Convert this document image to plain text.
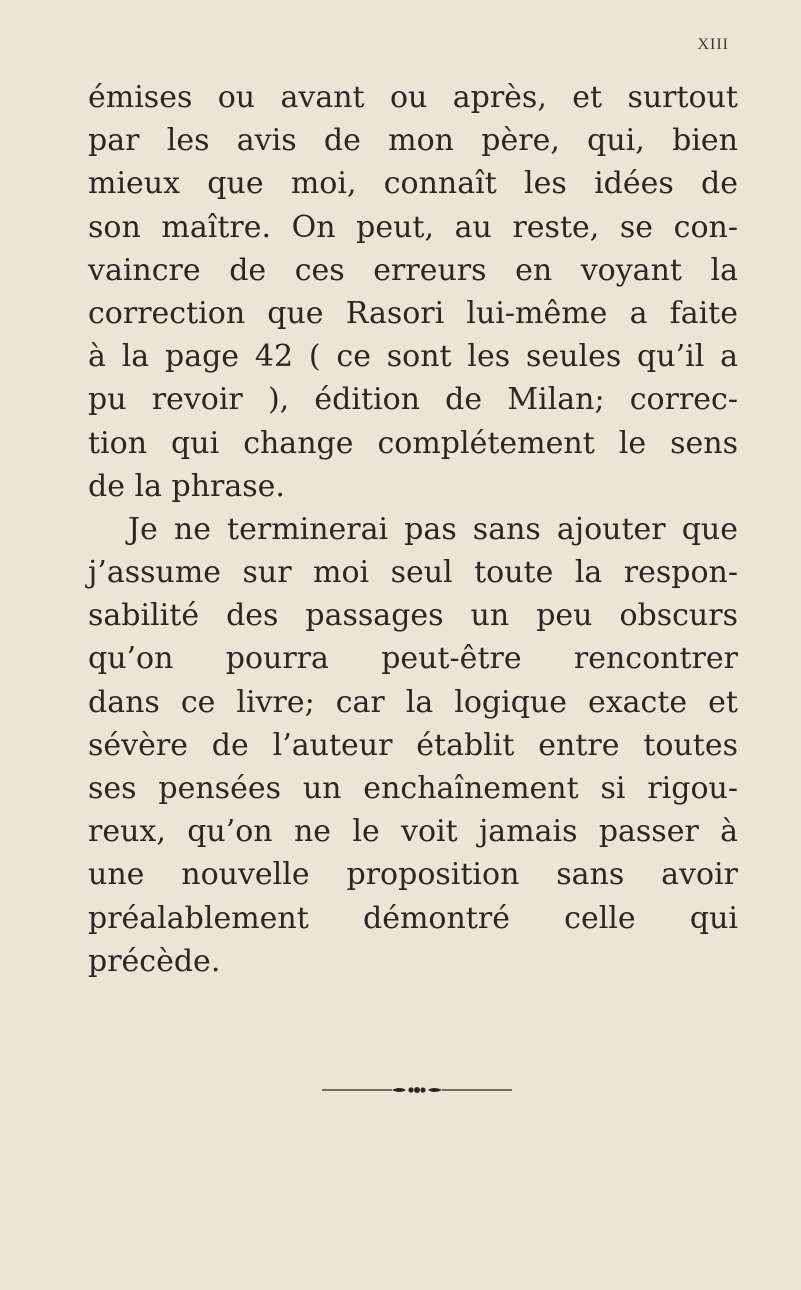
XIII
émises ou avant ou après, et surtout
par les avis de mon père, qui, bien
mieux que moi, connaît les idées de
son maître. On peut, au reste, se con-
vaincre de ces erreurs en voyant la
correction que Rasori lui-même a faite
à la page 42 ( ce sont les seules qu’il a
pu revoir ), édition de Milan; correc-
tion qui change complétement le sens
de la phrase.
Je ne terminerai pas sans ajouter que
j’assume sur moi seul toute la respon-
sabilité des passages un peu obscurs
qu’on pourra peut-être rencontrer
dans ce livre; car la logique exacte et
sévère de l’auteur établit entre toutes
ses pensées un enchaînement si rigou-
reux, qu’on ne le voit jamais passer à
une nouvelle proposition sans avoir
préalablement démontré celle qui
précède.
